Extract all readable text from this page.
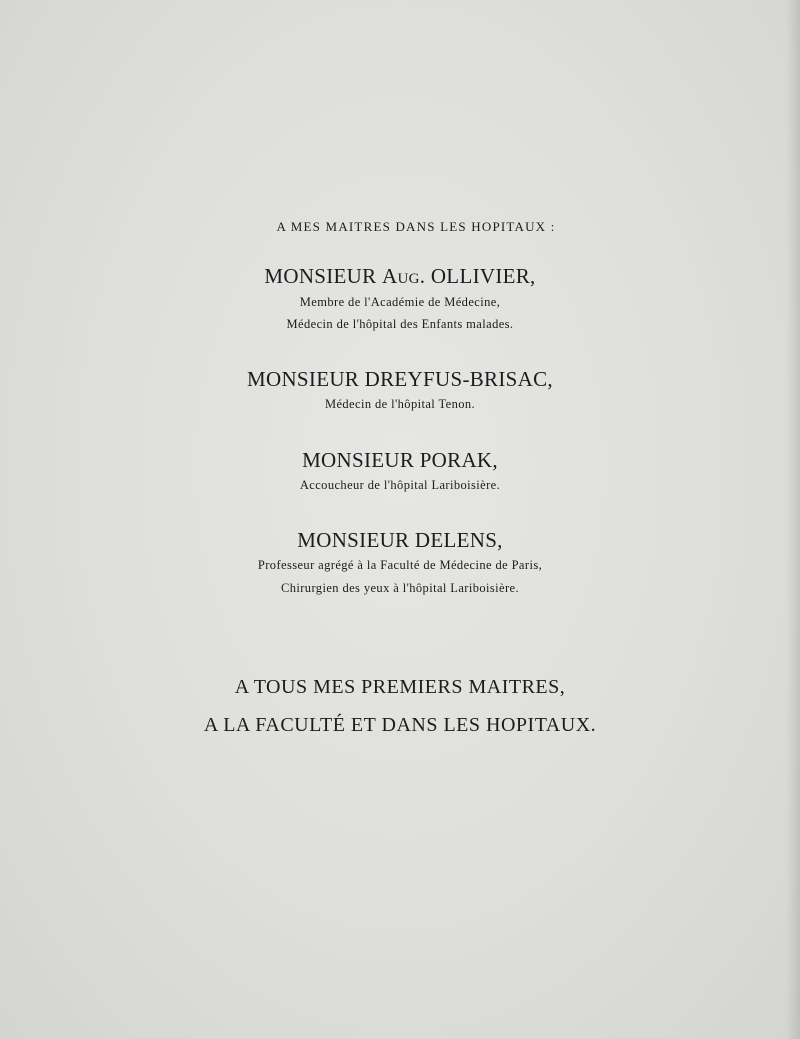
A MES MAITRES DANS LES HOPITAUX :
MONSIEUR Aug. OLLIVIER,
Membre de l'Académie de Médecine,
Médecin de l'hôpital des Enfants malades.
MONSIEUR DREYFUS-BRISAC,
Médecin de l'hôpital Tenon.
MONSIEUR PORAK,
Accoucheur de l'hôpital Lariboisière.
MONSIEUR DELENS,
Professeur agrégé à la Faculté de Médecine de Paris,
Chirurgien des yeux à l'hôpital Lariboisière.
A TOUS MES PREMIERS MAITRES,
A LA FACULTÉ ET DANS LES HOPITAUX.
